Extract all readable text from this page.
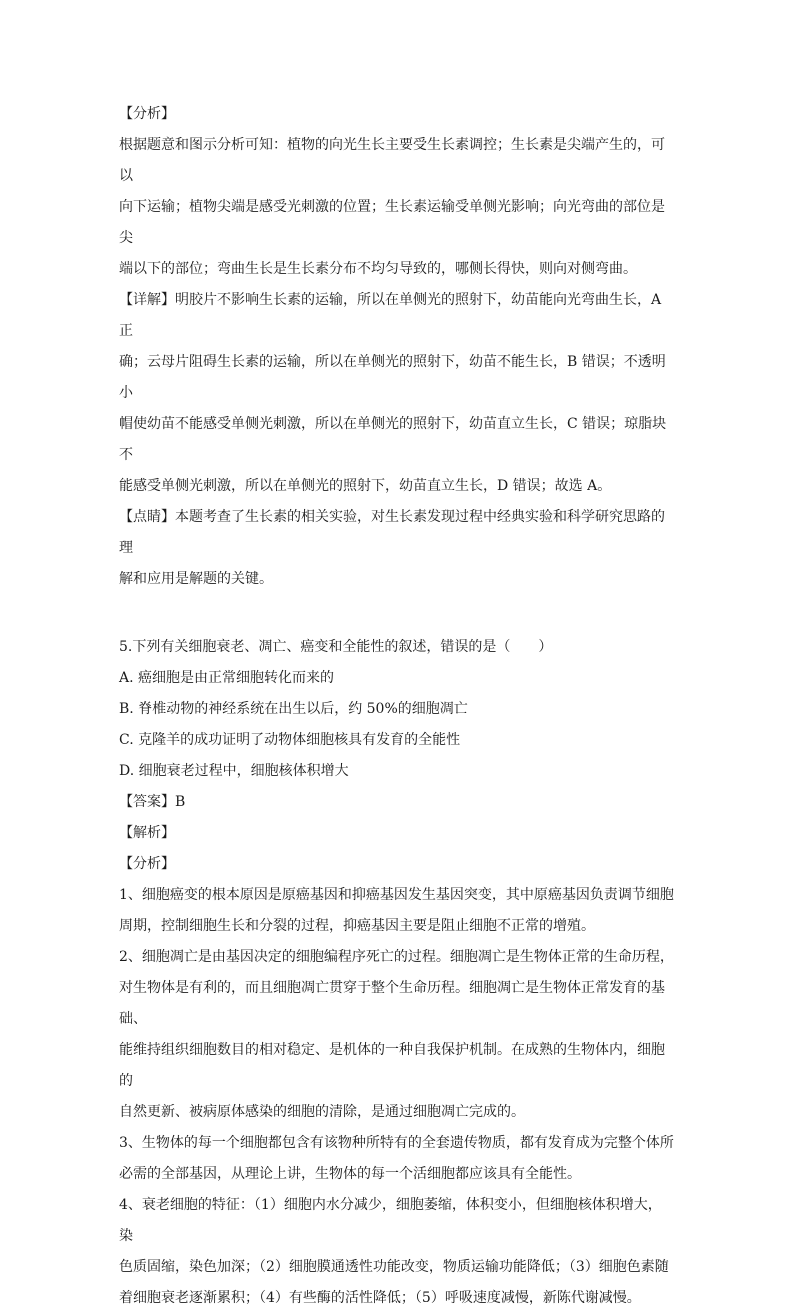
【分析】

根据题意和图示分析可知：植物的向光生长主要受生长素调控；生长素是尖端产生的，可以

向下运输；植物尖端是感受光刺激的位置；生长素运输受单侧光影响；向光弯曲的部位是尖

端以下的部位；弯曲生长是生长素分布不均匀导致的，哪侧长得快，则向对侧弯曲。

【详解】明胶片不影响生长素的运输，所以在单侧光的照射下，幼苗能向光弯曲生长，A 正

确；云母片阻碍生长素的运输，所以在单侧光的照射下，幼苗不能生长，B 错误；不透明小

帽使幼苗不能感受单侧光刺激，所以在单侧光的照射下，幼苗直立生长，C 错误；琼脂块不

能感受单侧光刺激，所以在单侧光的照射下，幼苗直立生长，D 错误；故选 A。

【点睛】本题考查了生长素的相关实验，对生长素发现过程中经典实验和科学研究思路的理

解和应用是解题的关键。

5.下列有关细胞衰老、凋亡、癌变和全能性的叙述，错误的是（　　）

A. 癌细胞是由正常细胞转化而来的

B. 脊椎动物的神经系统在出生以后，约 50%的细胞凋亡

C. 克隆羊的成功证明了动物体细胞核具有发育的全能性

D. 细胞衰老过程中，细胞核体积增大

【答案】B

【解析】

【分析】

1、细胞癌变的根本原因是原癌基因和抑癌基因发生基因突变，其中原癌基因负责调节细胞

周期，控制细胞生长和分裂的过程，抑癌基因主要是阻止细胞不正常的增殖。

2、细胞凋亡是由基因决定的细胞编程序死亡的过程。细胞凋亡是生物体正常的生命历程，

对生物体是有利的，而且细胞凋亡贯穿于整个生命历程。细胞凋亡是生物体正常发育的基础、

能维持组织细胞数目的相对稳定、是机体的一种自我保护机制。在成熟的生物体内，细胞的

自然更新、被病原体感染的细胞的清除，是通过细胞凋亡完成的。

3、生物体的每一个细胞都包含有该物种所特有的全套遗传物质，都有发育成为完整个体所

必需的全部基因，从理论上讲，生物体的每一个活细胞都应该具有全能性。

4、衰老细胞的特征：（1）细胞内水分减少，细胞萎缩，体积变小，但细胞核体积增大，染

色质固缩，染色加深；（2）细胞膜通透性功能改变，物质运输功能降低；（3）细胞色素随

着细胞衰老逐渐累积；（4）有些酶的活性降低；（5）呼吸速度减慢，新陈代谢减慢。
